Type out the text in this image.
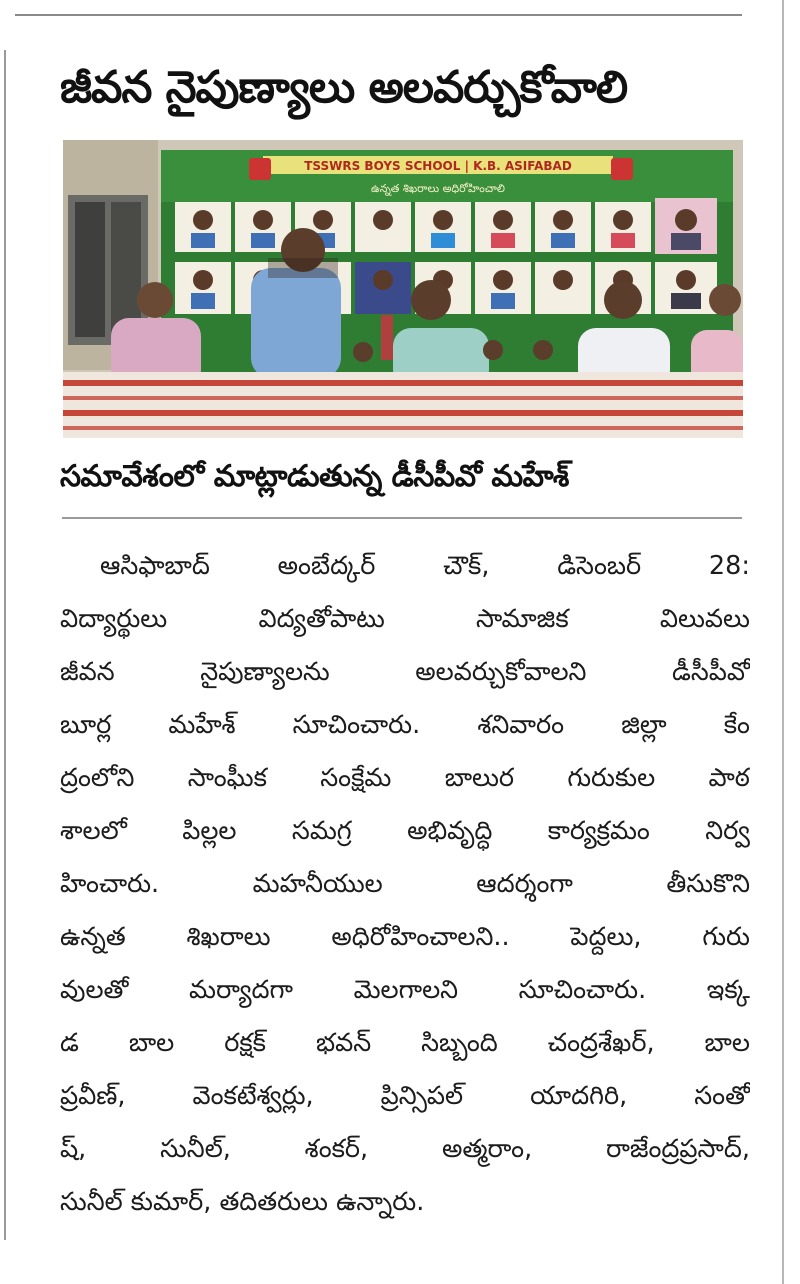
జీవన నైపుణ్యాలు అలవర్చుకోవాలి
TSSWRS BOYS SCHOOL | K.B. ASIFABAD
ఉన్నత శిఖరాలు అధిరోహించాలి
సమావేశంలో మాట్లాడుతున్న డీసీపీవో మహేశ్
ఆసిఫాబాద్	అంబేద్కర్	చౌక్,	డిసెంబర్	28:
విద్యార్థులు	విద్యతోపాటు	సామాజిక	విలువలు
జీవన	నైపుణ్యాలను	అలవర్చుకోవాలని	డీసీపీవో
బూర్ల మహేశ్ సూచించారు. శనివారం జిల్లా కేం
ద్రంలోని సాంఘీక సంక్షేమ బాలుర గురుకుల పాఠ
శాలలో పిల్లల సమగ్ర అభివృద్ధి కార్యక్రమం నిర్వ
హించారు.	మహనీయుల	ఆదర్శంగా	తీసుకొని
ఉన్నత శిఖరాలు అధిరోహించాలని.. పెద్దలు, గురు
వులతో మర్యాదగా మెలగాలని సూచించారు. ఇక్క
డ బాల రక్షక్ భవన్ సిబ్బంది చంద్రశేఖర్, బాల
ప్రవీణ్,	వెంకటేశ్వర్లు,	ప్రిన్సిపల్	యాదగిరి,	సంతో
ష్,	సునీల్,	శంకర్,	అత్మరాం,	రాజేంద్రప్రసాద్,
సునీల్ కుమార్, తదితరులు ఉన్నారు.
